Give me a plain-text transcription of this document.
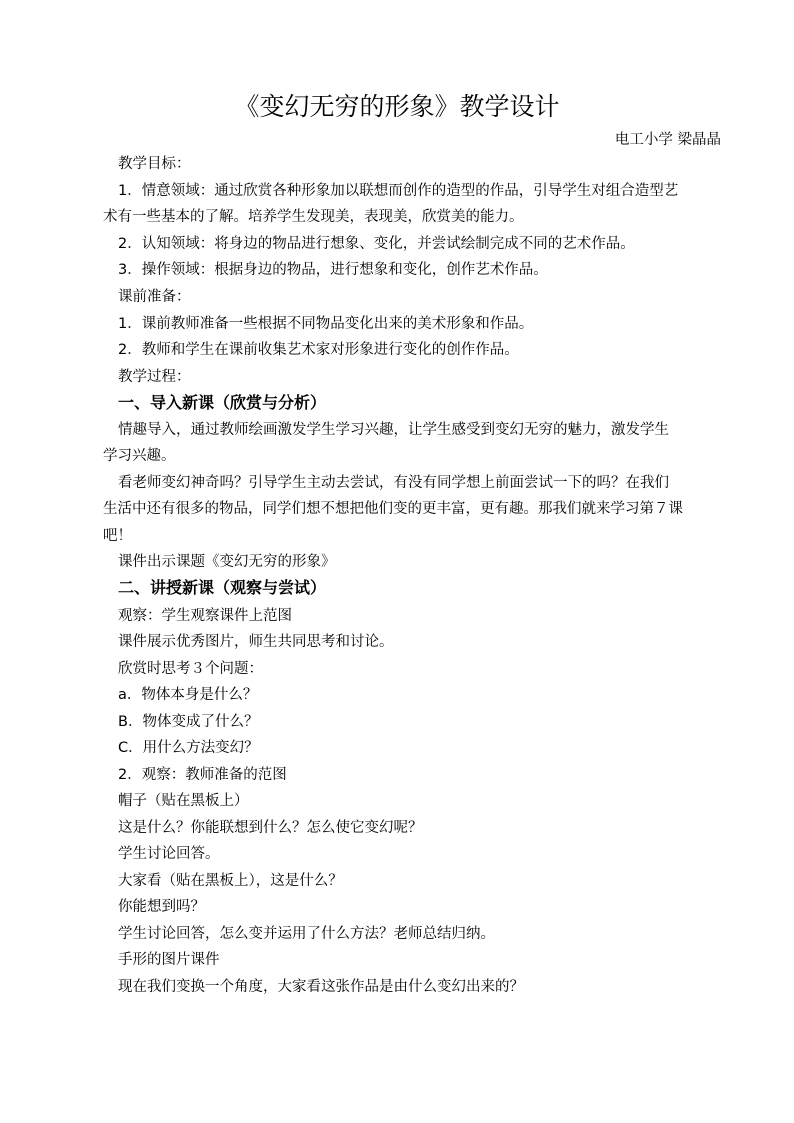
《变幻无穷的形象》教学设计
电工小学 梁晶晶
教学目标：
1．情意领域：通过欣赏各种形象加以联想而创作的造型的作品，引导学生对组合造型艺
术有一些基本的了解。培养学生发现美，表现美，欣赏美的能力。
2．认知领域：将身边的物品进行想象、变化，并尝试绘制完成不同的艺术作品。
3．操作领域：根据身边的物品，进行想象和变化，创作艺术作品。
课前准备：
1．课前教师准备一些根据不同物品变化出来的美术形象和作品。
2．教师和学生在课前收集艺术家对形象进行变化的创作作品。
教学过程：
一、导入新课（欣赏与分析）
情趣导入，通过教师绘画激发学生学习兴趣，让学生感受到变幻无穷的魅力，激发学生
学习兴趣。
看老师变幻神奇吗？引导学生主动去尝试，有没有同学想上前面尝试一下的吗？在我们
生活中还有很多的物品，同学们想不想把他们变的更丰富，更有趣。那我们就来学习第７课
吧！
课件出示课题《变幻无穷的形象》
二、讲授新课（观察与尝试）
观察：学生观察课件上范图
课件展示优秀图片，师生共同思考和讨论。
欣赏时思考３个问题：
a．物体本身是什么？
B．物体变成了什么？
C．用什么方法变幻？
2．观察：教师准备的范图
帽子（贴在黑板上）
这是什么？你能联想到什么？怎么使它变幻呢？
学生讨论回答。
大家看（贴在黑板上），这是什么？
你能想到吗？
学生讨论回答，怎么变并运用了什么方法？老师总结归纳。
手形的图片课件
现在我们变换一个角度，大家看这张作品是由什么变幻出来的？
